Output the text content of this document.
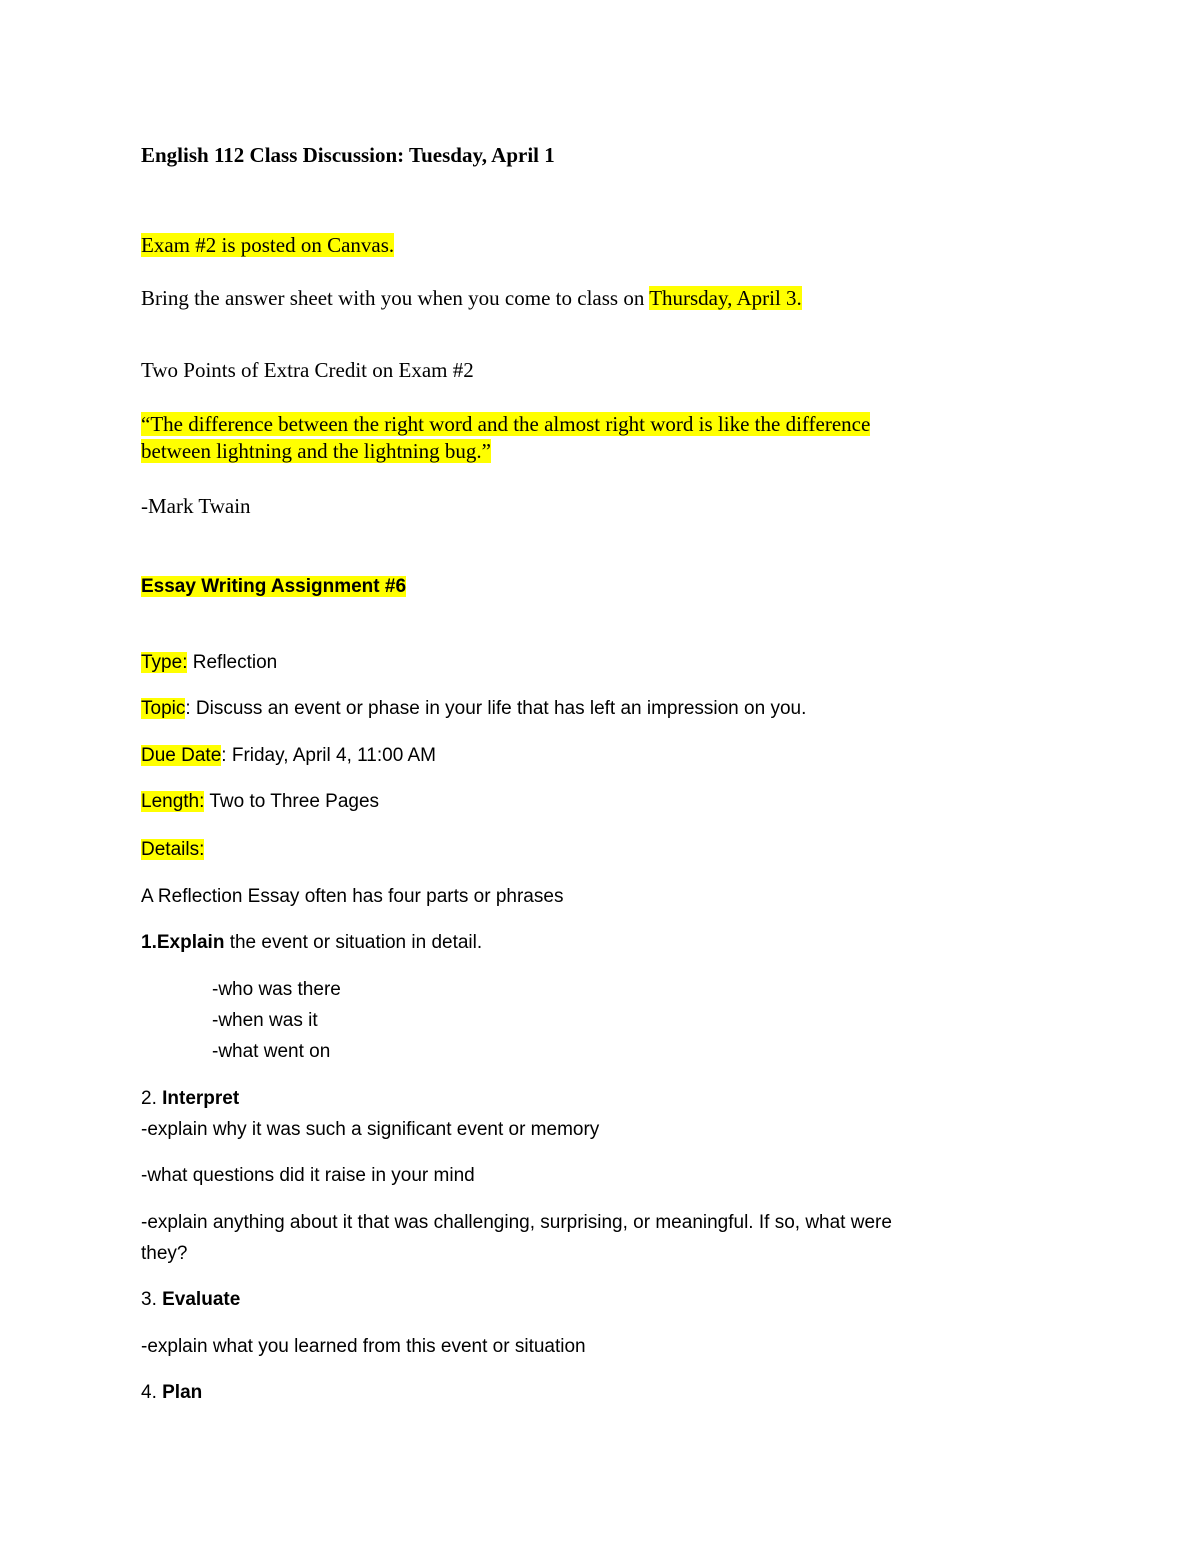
English 112 Class Discussion: Tuesday, April 1
Exam #2 is posted on Canvas.
Bring the answer sheet with you when you come to class on Thursday, April 3.
Two Points of Extra Credit on Exam #2
“The difference between the right word and the almost right word is like the difference
between lightning and the lightning bug.”
-Mark Twain
Essay Writing Assignment #6
Type: Reflection
Topic: Discuss an event or phase in your life that has left an impression on you.
Due Date: Friday, April 4, 11:00 AM
Length: Two to Three Pages
Details:
A Reflection Essay often has four parts or phrases
1.Explain the event or situation in detail.
-who was there
-when was it
-what went on
2. Interpret
-explain why it was such a significant event or memory
-what questions did it raise in your mind
-explain anything about it that was challenging, surprising, or meaningful. If so, what were
they?
3. Evaluate
-explain what you learned from this event or situation
4. Plan
